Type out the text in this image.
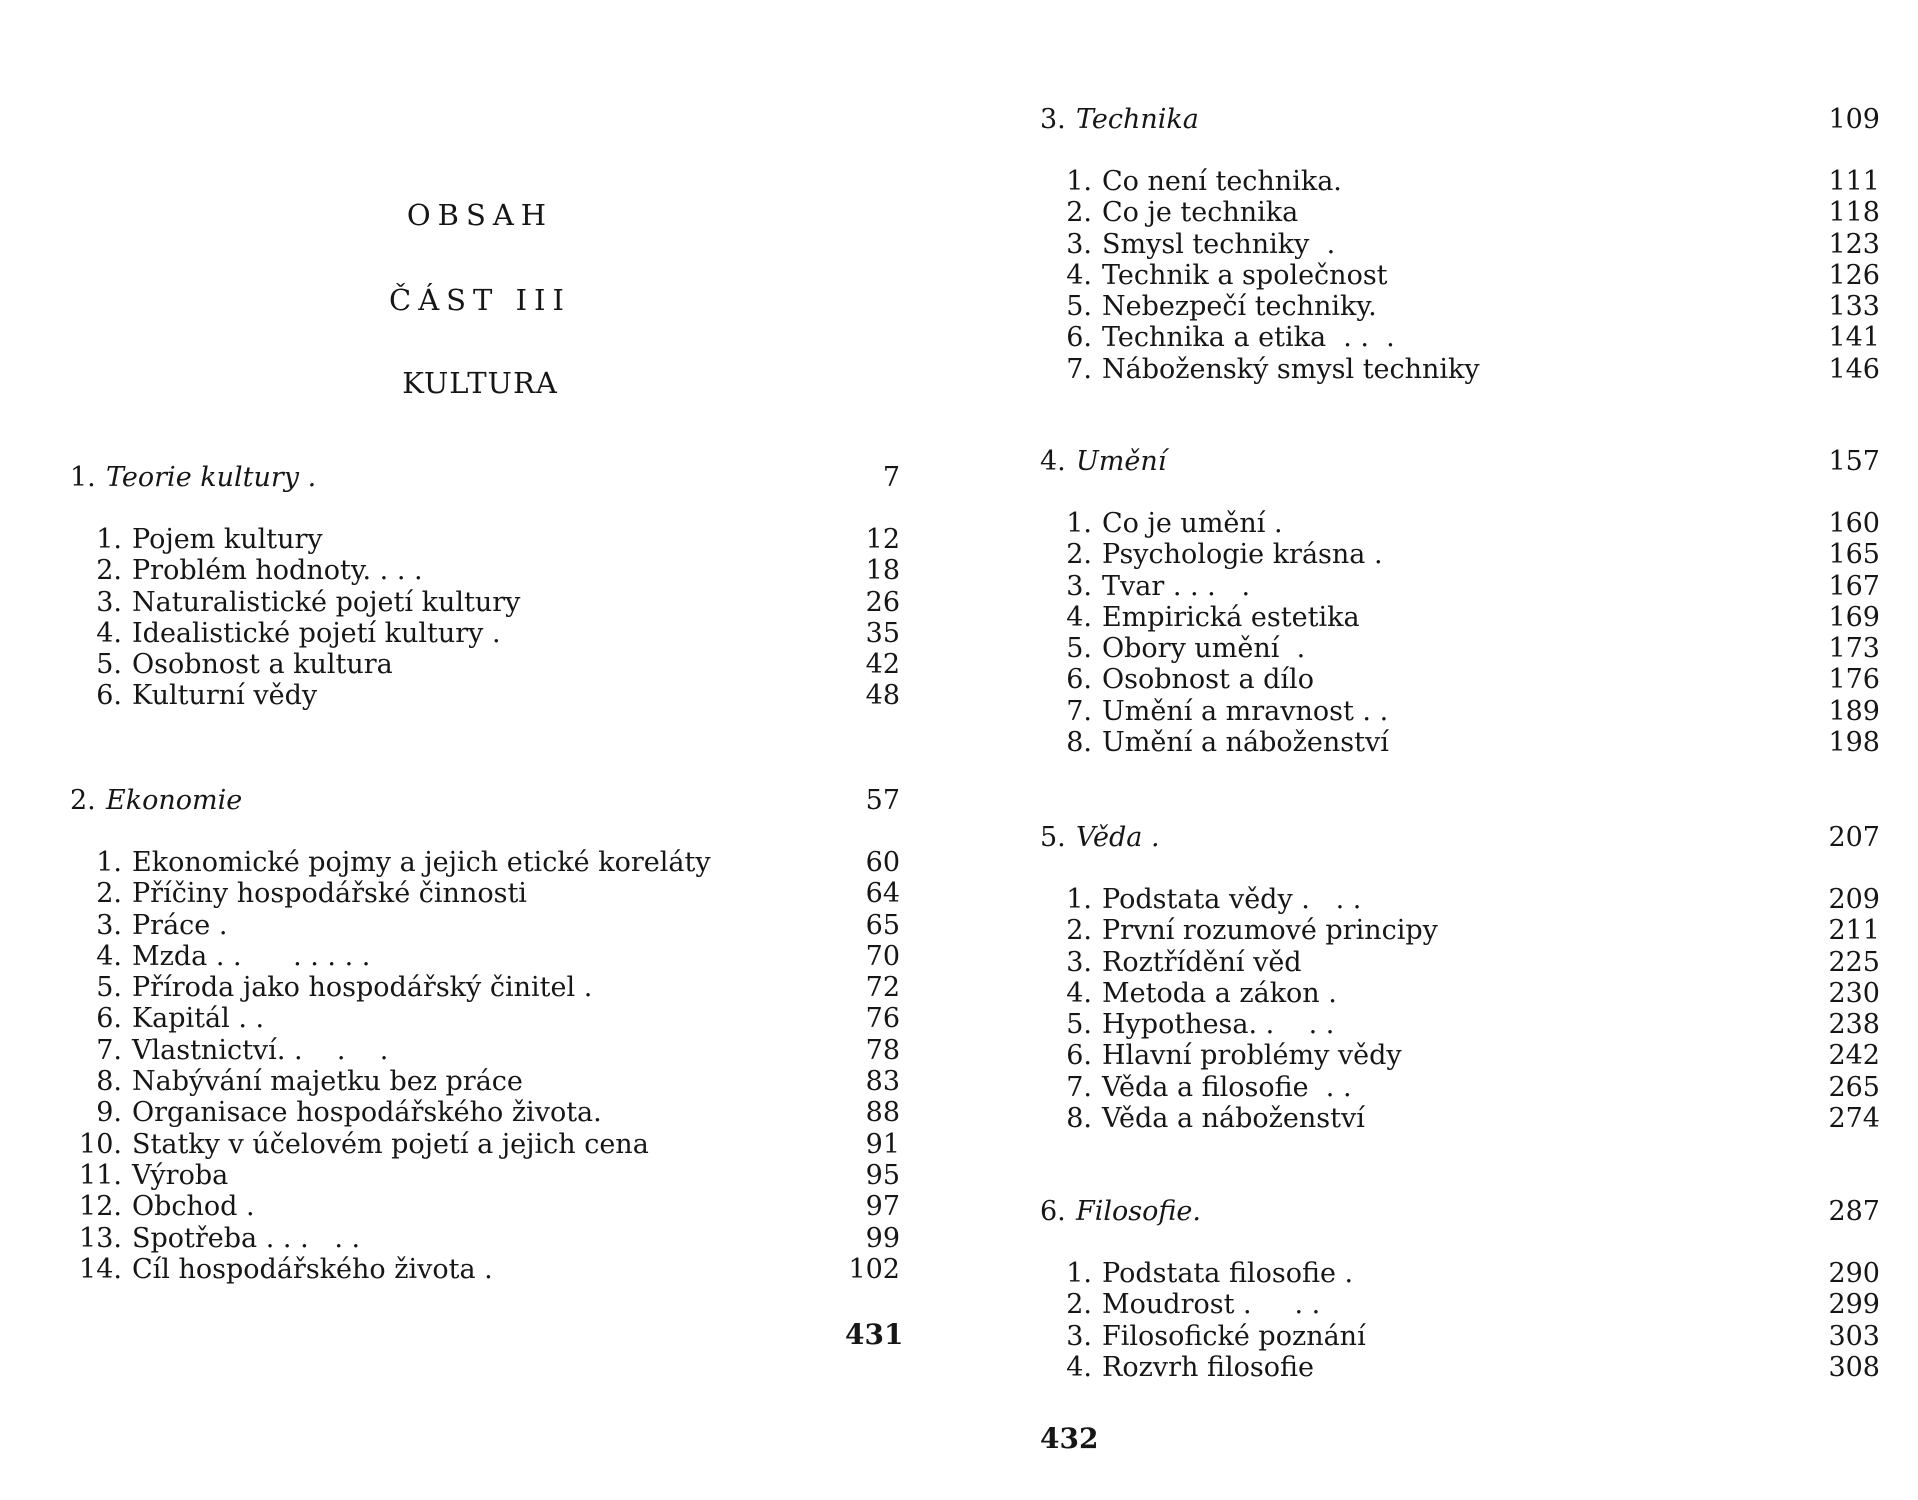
OBSAH
ČÁST III
KULTURA
1. Teorie kultury .	7
1. Pojem kultury	12
2. Problém hodnoty. . . .	18
3. Naturalistické pojetí kultury	26
4. Idealistické pojetí kultury .	35
5. Osobnost a kultura	42
6. Kulturní vědy	48
2. Ekonomie	57
1. Ekonomické pojmy a jejich etické koreláty	60
2. Příčiny hospodářské činnosti	64
3. Práce .	65
4. Mzda . .      . . . . .	70
5. Příroda jako hospodářský činitel .	72
6. Kapitál . .	76
7. Vlastnictví. .    .    .	78
8. Nabývání majetku bez práce	83
9. Organisace hospodářského života.	88
10. Statky v účelovém pojetí a jejich cena	91
11. Výroba	95
12. Obchod .	97
13. Spotřeba . . .   . .	99
14. Cíl hospodářského života .	102
431
3. Technika	109
1. Co není technika.	111
2. Co je technika	118
3. Smysl techniky  .	123
4. Technik a společnost	126
5. Nebezpečí techniky.	133
6. Technika a etika  . .  .	141
7. Náboženský smysl techniky	146
4. Umění	157
1. Co je umění .	160
2. Psychologie krásna .	165
3. Tvar . . .   .	167
4. Empirická estetika	169
5. Obory umění  .	173
6. Osobnost a dílo	176
7. Umění a mravnost . .	189
8. Umění a náboženství	198
5. Věda .	207
1. Podstata vědy .   . .	209
2. První rozumové principy	211
3. Roztřídění věd	225
4. Metoda a zákon .	230
5. Hypothesa. .    . .	238
6. Hlavní problémy vědy	242
7. Věda a filosofie  . .	265
8. Věda a náboženství	274
6. Filosofie.	287
1. Podstata filosofie .	290
2. Moudrost .     . .	299
3. Filosofické poznání	303
4. Rozvrh filosofie	308
432
